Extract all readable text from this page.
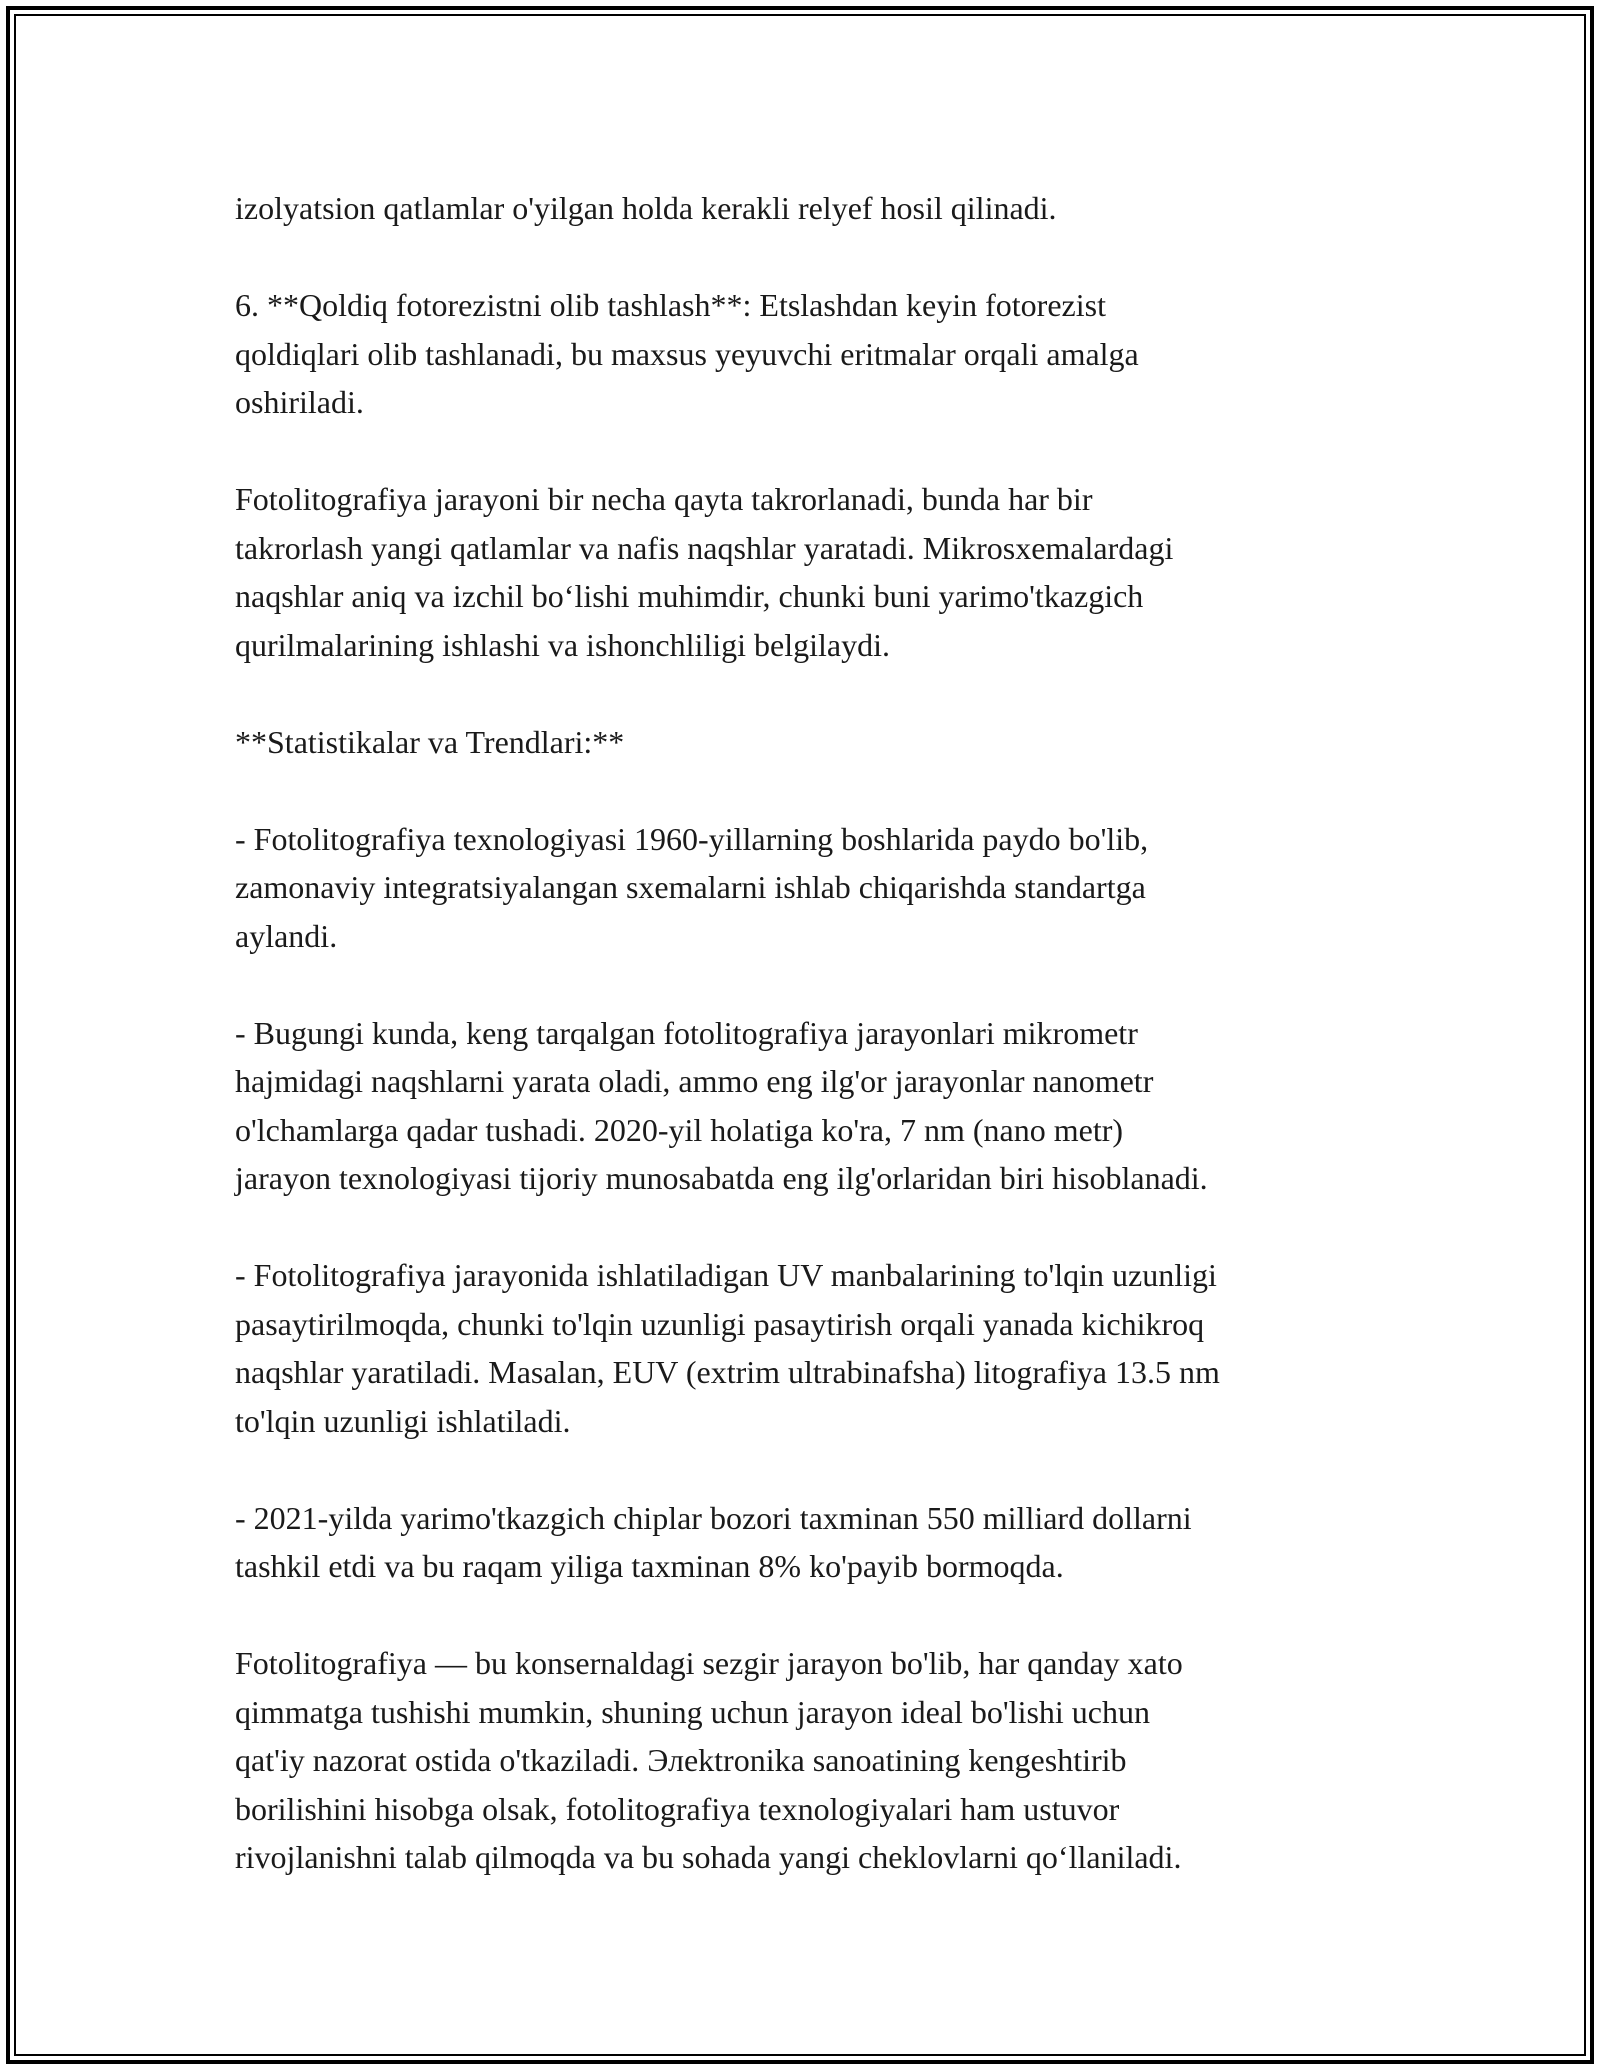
izolyatsion qatlamlar o'yilgan holda kerakli relyef hosil qilinadi.

6. **Qoldiq fotorezistni olib tashlash**: Etslashdan keyin fotorezist
qoldiqlari olib tashlanadi, bu maxsus yeyuvchi eritmalar orqali amalga
oshiriladi.

Fotolitografiya jarayoni bir necha qayta takrorlanadi, bunda har bir
takrorlash yangi qatlamlar va nafis naqshlar yaratadi. Mikrosxemalardagi
naqshlar aniq va izchil bo‘lishi muhimdir, chunki buni yarimo'tkazgich
qurilmalarining ishlashi va ishonchliligi belgilaydi.

**Statistikalar va Trendlari:**

- Fotolitografiya texnologiyasi 1960-yillarning boshlarida paydo bo'lib,
zamonaviy integratsiyalangan sxemalarni ishlab chiqarishda standartga
aylandi.

- Bugungi kunda, keng tarqalgan fotolitografiya jarayonlari mikrometr
hajmidagi naqshlarni yarata oladi, ammo eng ilg'or jarayonlar nanometr
o'lchamlarga qadar tushadi. 2020-yil holatiga ko'ra, 7 nm (nano metr)
jarayon texnologiyasi tijoriy munosabatda eng ilg'orlaridan biri hisoblanadi.

- Fotolitografiya jarayonida ishlatiladigan UV manbalarining to'lqin uzunligi
pasaytirilmoqda, chunki to'lqin uzunligi pasaytirish orqali yanada kichikroq
naqshlar yaratiladi. Masalan, EUV (extrim ultrabinafsha) litografiya 13.5 nm
to'lqin uzunligi ishlatiladi.

- 2021-yilda yarimo'tkazgich chiplar bozori taxminan 550 milliard dollarni
tashkil etdi va bu raqam yiliga taxminan 8% ko'payib bormoqda.

Fotolitografiya — bu konsernaldagi sezgir jarayon bo'lib, har qanday xato
qimmatga tushishi mumkin, shuning uchun jarayon ideal bo'lishi uchun
qat'iy nazorat ostida o'tkaziladi. Элektronika sanoatining kengeshtirib
borilishini hisobga olsak, fotolitografiya texnologiyalari ham ustuvor
rivojlanishni talab qilmoqda va bu sohada yangi cheklovlarni qo‘llaniladi.
